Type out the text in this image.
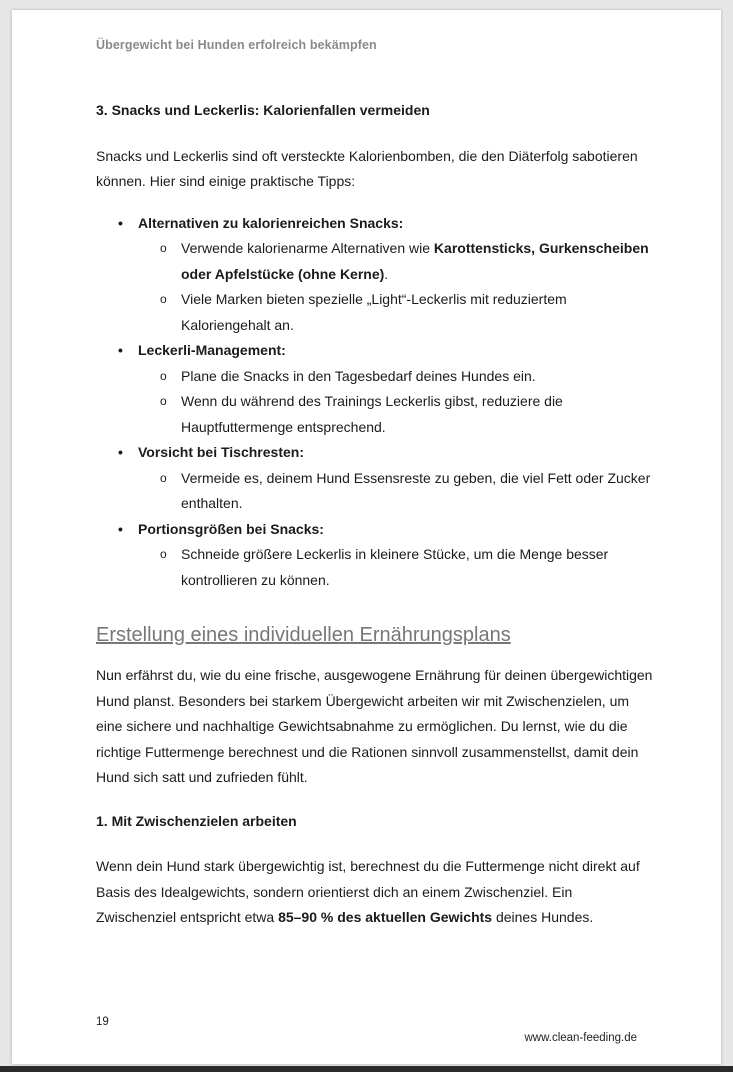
Übergewicht bei Hunden erfolreich bekämpfen

3. Snacks und Leckerlis: Kalorienfallen vermeiden

Snacks und Leckerlis sind oft versteckte Kalorienbomben, die den Diäterfolg sabotieren können. Hier sind einige praktische Tipps:

• Alternativen zu kalorienreichen Snacks:
o Verwende kalorienarme Alternativen wie Karottensticks, Gurkenscheiben oder Apfelstücke (ohne Kerne).
o Viele Marken bieten spezielle „Light“-Leckerlis mit reduziertem Kaloriengehalt an.
• Leckerli-Management:
o Plane die Snacks in den Tagesbedarf deines Hundes ein.
o Wenn du während des Trainings Leckerlis gibst, reduziere die Hauptfuttermenge entsprechend.
• Vorsicht bei Tischresten:
o Vermeide es, deinem Hund Essensreste zu geben, die viel Fett oder Zucker enthalten.
• Portionsgrößen bei Snacks:
o Schneide größere Leckerlis in kleinere Stücke, um die Menge besser kontrollieren zu können.

Erstellung eines individuellen Ernährungsplans

Nun erfährst du, wie du eine frische, ausgewogene Ernährung für deinen übergewichtigen Hund planst. Besonders bei starkem Übergewicht arbeiten wir mit Zwischenzielen, um eine sichere und nachhaltige Gewichtsabnahme zu ermöglichen. Du lernst, wie du die richtige Futtermenge berechnest und die Rationen sinnvoll zusammenstellst, damit dein Hund sich satt und zufrieden fühlt.

1. Mit Zwischenzielen arbeiten

Wenn dein Hund stark übergewichtig ist, berechnest du die Futtermenge nicht direkt auf Basis des Idealgewichts, sondern orientierst dich an einem Zwischenziel. Ein Zwischenziel entspricht etwa 85–90 % des aktuellen Gewichts deines Hundes.

19
www.clean-feeding.de
